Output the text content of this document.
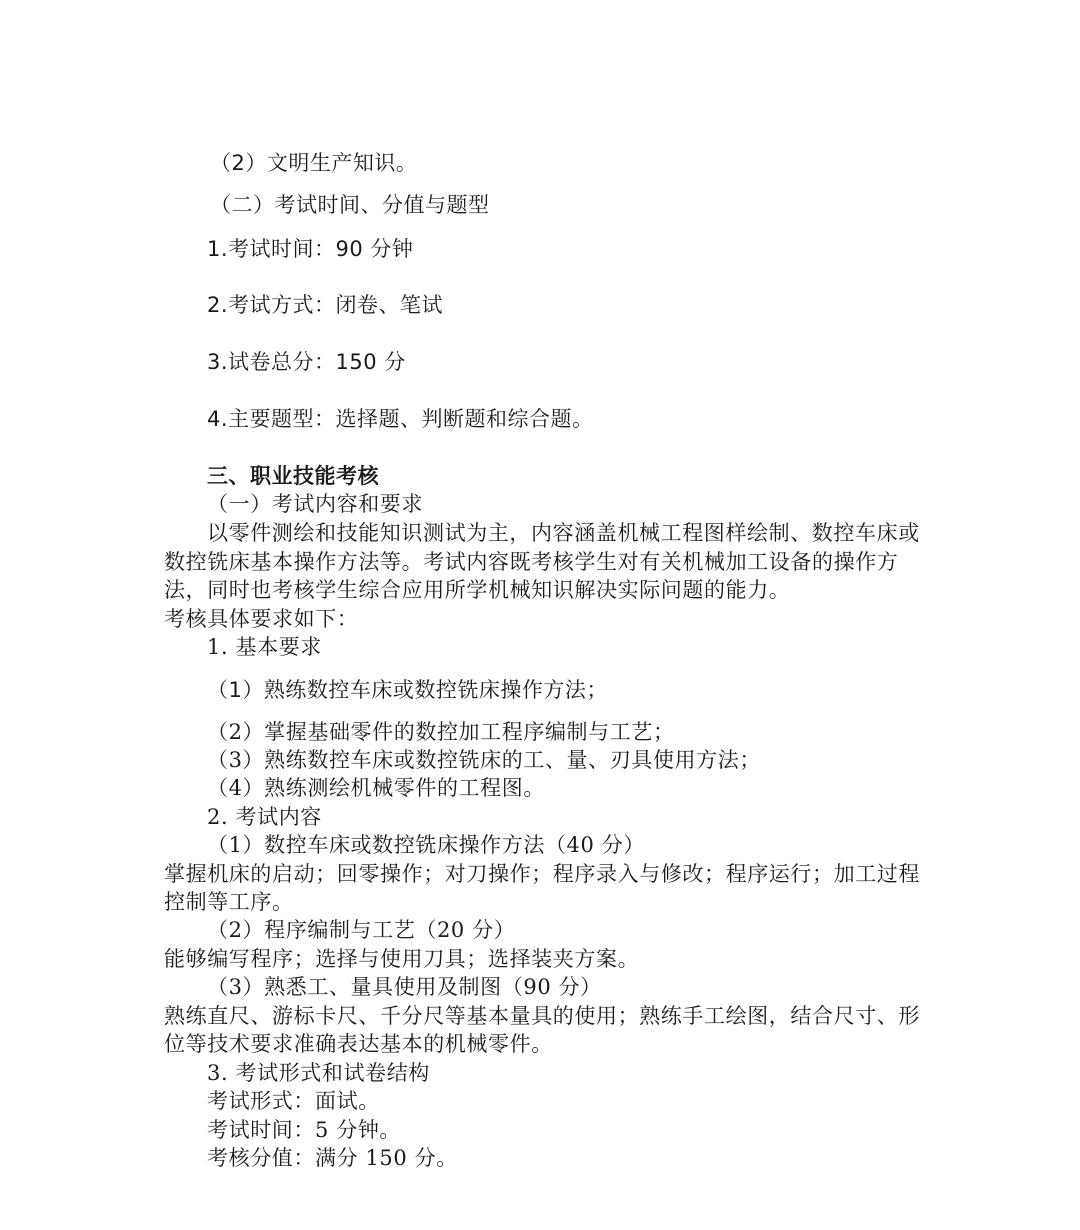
（2）文明生产知识。
（二）考试时间、分值与题型
1.考试时间：90 分钟
2.考试方式：闭卷、笔试
3.试卷总分：150 分
4.主要题型：选择题、判断题和综合题。
三、职业技能考核
（一）考试内容和要求
以零件测绘和技能知识测试为主，内容涵盖机械工程图样绘制、数控车床或
数控铣床基本操作方法等。考试内容既考核学生对有关机械加工设备的操作方
法，同时也考核学生综合应用所学机械知识解决实际问题的能力。
考核具体要求如下：
1. 基本要求
（1）熟练数控车床或数控铣床操作方法；
（2）掌握基础零件的数控加工程序编制与工艺；
（3）熟练数控车床或数控铣床的工、量、刃具使用方法；
（4）熟练测绘机械零件的工程图。
2. 考试内容
（1）数控车床或数控铣床操作方法（40 分）
掌握机床的启动；回零操作；对刀操作；程序录入与修改；程序运行；加工过程
控制等工序。
（2）程序编制与工艺（20 分）
能够编写程序；选择与使用刀具；选择装夹方案。
（3）熟悉工、量具使用及制图（90 分）
熟练直尺、游标卡尺、千分尺等基本量具的使用；熟练手工绘图，结合尺寸、形
位等技术要求准确表达基本的机械零件。
3. 考试形式和试卷结构
考试形式：面试。
考试时间：5 分钟。
考核分值：满分 150 分。
